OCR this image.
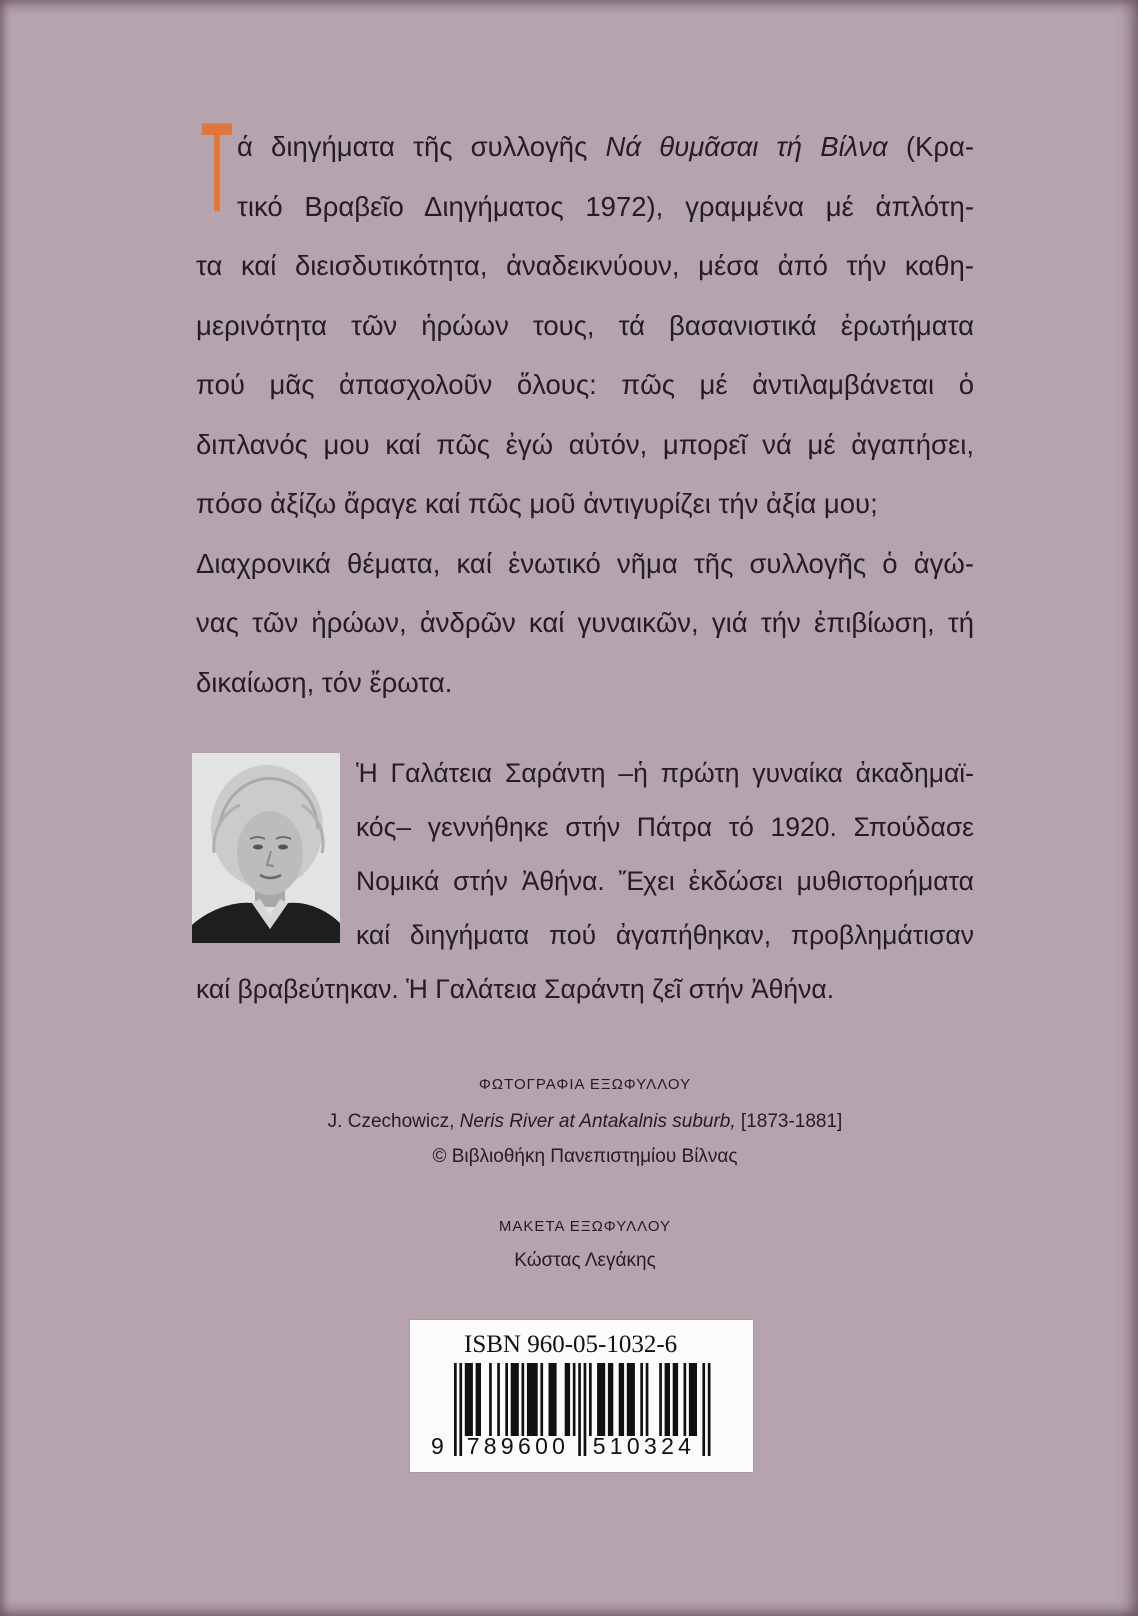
Τ ά διηγήματα τῆς συλλογῆς Νά θυμᾶσαι τή Βίλνα (Κρα-
τικό Βραβεῖο Διηγήματος 1972), γραμμένα μέ ἁπλότη-
τα καί διεισδυτικότητα, ἀναδεικνύουν, μέσα ἀπό τήν καθη-
μερινότητα τῶν ἡρώων τους, τά βασανιστικά ἐρωτήματα
πού μᾶς ἀπασχολοῦν ὅλους: πῶς μέ ἀντιλαμβάνεται ὁ
διπλανός μου καί πῶς ἐγώ αὐτόν, μπορεῖ νά μέ ἀγαπήσει,
πόσο ἀξίζω ἄραγε καί πῶς μοῦ ἀντιγυρίζει τήν ἀξία μου;
Διαχρονικά θέματα, καί ἑνωτικό νῆμα τῆς συλλογῆς ὁ ἀγώ-
νας τῶν ἡρώων, ἀνδρῶν καί γυναικῶν, γιά τήν ἐπιβίωση, τή
δικαίωση, τόν ἔρωτα.
Ἡ Γαλάτεια Σαράντη –ἡ πρώτη γυναίκα ἀκαδημαϊ-
κός– γεννήθηκε στήν Πάτρα τό 1920. Σπούδασε
Νομικά στήν Ἀθήνα. Ἔχει ἐκδώσει μυθιστορήματα
καί διηγήματα πού ἀγαπήθηκαν, προβλημάτισαν
καί βραβεύτηκαν. Ἡ Γαλάτεια Σαράντη ζεῖ στήν Ἀθήνα.
ΦΩΤΟΓΡΑΦΙΑ ΕΞΩΦΥΛΛΟΥ
J. Czechowicz, Neris River at Antakalnis suburb, [1873-1881]
© Βιβλιοθήκη Πανεπιστημίου Βίλνας
ΜΑΚΕΤΑ ΕΞΩΦΥΛΛΟΥ
Κώστας Λεγάκης
ISBN 960-05-1032-6
9 789600 510324
